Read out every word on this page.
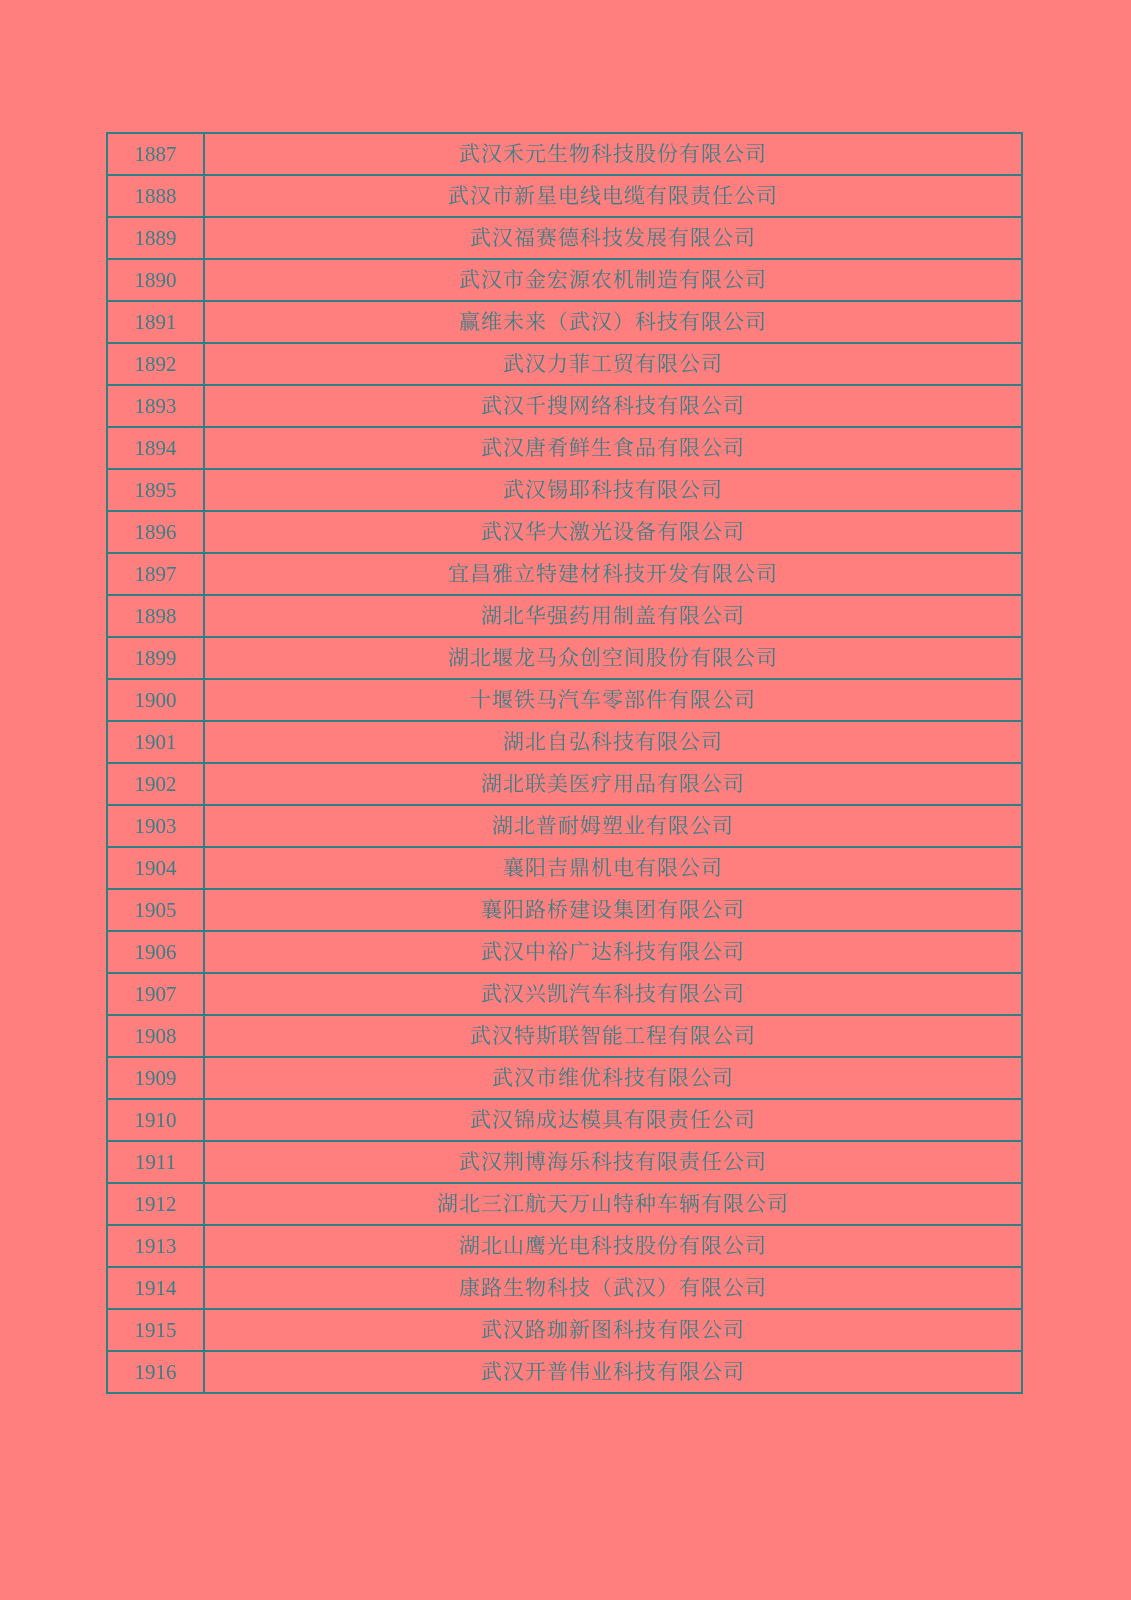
1887	武汉禾元生物科技股份有限公司
1888	武汉市新星电线电缆有限责任公司
1889	武汉福赛德科技发展有限公司
1890	武汉市金宏源农机制造有限公司
1891	赢维未来（武汉）科技有限公司
1892	武汉力菲工贸有限公司
1893	武汉千搜网络科技有限公司
1894	武汉唐肴鲜生食品有限公司
1895	武汉锡耶科技有限公司
1896	武汉华大激光设备有限公司
1897	宜昌雅立特建材科技开发有限公司
1898	湖北华强药用制盖有限公司
1899	湖北堰龙马众创空间股份有限公司
1900	十堰铁马汽车零部件有限公司
1901	湖北自弘科技有限公司
1902	湖北联美医疗用品有限公司
1903	湖北普耐姆塑业有限公司
1904	襄阳吉鼎机电有限公司
1905	襄阳路桥建设集团有限公司
1906	武汉中裕广达科技有限公司
1907	武汉兴凯汽车科技有限公司
1908	武汉特斯联智能工程有限公司
1909	武汉市维优科技有限公司
1910	武汉锦成达模具有限责任公司
1911	武汉荆博海乐科技有限责任公司
1912	湖北三江航天万山特种车辆有限公司
1913	湖北山鹰光电科技股份有限公司
1914	康路生物科技（武汉）有限公司
1915	武汉路珈新图科技有限公司
1916	武汉开普伟业科技有限公司
